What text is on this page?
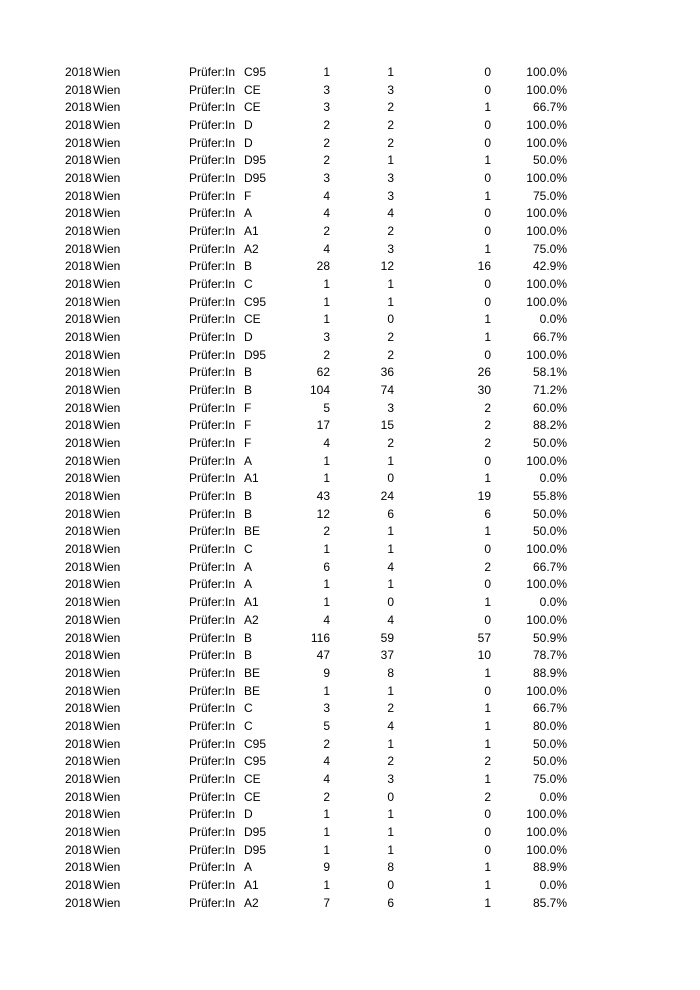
2018 Wien	Prüfer:In C95	1	1	0	100.0%
2018 Wien	Prüfer:In CE	3	3	0	100.0%
2018 Wien	Prüfer:In CE	3	2	1	66.7%
2018 Wien	Prüfer:In D	2	2	0	100.0%
2018 Wien	Prüfer:In D	2	2	0	100.0%
2018 Wien	Prüfer:In D95	2	1	1	50.0%
2018 Wien	Prüfer:In D95	3	3	0	100.0%
2018 Wien	Prüfer:In F	4	3	1	75.0%
2018 Wien	Prüfer:In A	4	4	0	100.0%
2018 Wien	Prüfer:In A1	2	2	0	100.0%
2018 Wien	Prüfer:In A2	4	3	1	75.0%
2018 Wien	Prüfer:In B	28	12	16	42.9%
2018 Wien	Prüfer:In C	1	1	0	100.0%
2018 Wien	Prüfer:In C95	1	1	0	100.0%
2018 Wien	Prüfer:In CE	1	0	1	0.0%
2018 Wien	Prüfer:In D	3	2	1	66.7%
2018 Wien	Prüfer:In D95	2	2	0	100.0%
2018 Wien	Prüfer:In B	62	36	26	58.1%
2018 Wien	Prüfer:In B	104	74	30	71.2%
2018 Wien	Prüfer:In F	5	3	2	60.0%
2018 Wien	Prüfer:In F	17	15	2	88.2%
2018 Wien	Prüfer:In F	4	2	2	50.0%
2018 Wien	Prüfer:In A	1	1	0	100.0%
2018 Wien	Prüfer:In A1	1	0	1	0.0%
2018 Wien	Prüfer:In B	43	24	19	55.8%
2018 Wien	Prüfer:In B	12	6	6	50.0%
2018 Wien	Prüfer:In BE	2	1	1	50.0%
2018 Wien	Prüfer:In C	1	1	0	100.0%
2018 Wien	Prüfer:In A	6	4	2	66.7%
2018 Wien	Prüfer:In A	1	1	0	100.0%
2018 Wien	Prüfer:In A1	1	0	1	0.0%
2018 Wien	Prüfer:In A2	4	4	0	100.0%
2018 Wien	Prüfer:In B	116	59	57	50.9%
2018 Wien	Prüfer:In B	47	37	10	78.7%
2018 Wien	Prüfer:In BE	9	8	1	88.9%
2018 Wien	Prüfer:In BE	1	1	0	100.0%
2018 Wien	Prüfer:In C	3	2	1	66.7%
2018 Wien	Prüfer:In C	5	4	1	80.0%
2018 Wien	Prüfer:In C95	2	1	1	50.0%
2018 Wien	Prüfer:In C95	4	2	2	50.0%
2018 Wien	Prüfer:In CE	4	3	1	75.0%
2018 Wien	Prüfer:In CE	2	0	2	0.0%
2018 Wien	Prüfer:In D	1	1	0	100.0%
2018 Wien	Prüfer:In D95	1	1	0	100.0%
2018 Wien	Prüfer:In D95	1	1	0	100.0%
2018 Wien	Prüfer:In A	9	8	1	88.9%
2018 Wien	Prüfer:In A1	1	0	1	0.0%
2018 Wien	Prüfer:In A2	7	6	1	85.7%
